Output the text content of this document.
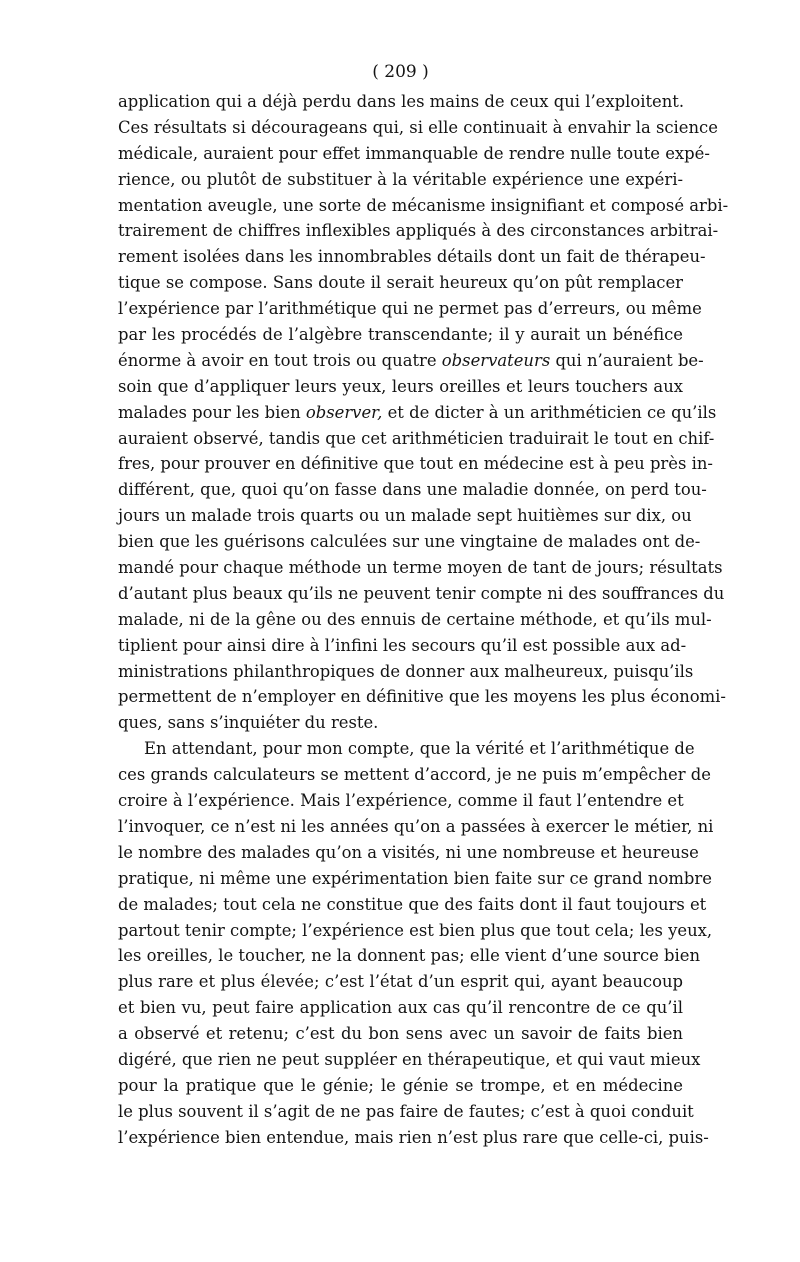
( 209 )
application qui a déjà perdu dans les mains de ceux qui l’exploitent.
Ces résultats si décourageans qui, si elle continuait à envahir la science
médicale, auraient pour effet immanquable de rendre nulle toute expé-
rience, ou plutôt de substituer à la véritable expérience une expéri-
mentation aveugle, une sorte de mécanisme insignifiant et composé arbi-
trairement de chiffres inflexibles appliqués à des circonstances arbitrai-
rement isolées dans les innombrables détails dont un fait de thérapeu-
tique se compose. Sans doute il serait heureux qu’on pût remplacer
l’expérience par l’arithmétique qui ne permet pas d’erreurs, ou même
par les procédés de l’algèbre transcendante; il y aurait un bénéfice
énorme à avoir en tout trois ou quatre observateurs qui n’auraient be-
soin que d’appliquer leurs yeux, leurs oreilles et leurs touchers aux
malades pour les bien observer, et de dicter à un arithméticien ce qu’ils
auraient observé, tandis que cet arithméticien traduirait le tout en chif-
fres, pour prouver en définitive que tout en médecine est à peu près in-
différent, que, quoi qu’on fasse dans une maladie donnée, on perd tou-
jours un malade trois quarts ou un malade sept huitièmes sur dix, ou
bien que les guérisons calculées sur une vingtaine de malades ont de-
mandé pour chaque méthode un terme moyen de tant de jours; résultats
d’autant plus beaux qu’ils ne peuvent tenir compte ni des souffrances du
malade, ni de la gêne ou des ennuis de certaine méthode, et qu’ils mul-
tiplient pour ainsi dire à l’infini les secours qu’il est possible aux ad-
ministrations philanthropiques de donner aux malheureux, puisqu’ils
permettent de n’employer en définitive que les moyens les plus économi-
ques, sans s’inquiéter du reste.
En attendant, pour mon compte, que la vérité et l’arithmétique de
ces grands calculateurs se mettent d’accord, je ne puis m’empêcher de
croire à l’expérience. Mais l’expérience, comme il faut l’entendre et
l’invoquer, ce n’est ni les années qu’on a passées à exercer le métier, ni
le nombre des malades qu’on a visités, ni une nombreuse et heureuse
pratique, ni même une expérimentation bien faite sur ce grand nombre
de malades; tout cela ne constitue que des faits dont il faut toujours et
partout tenir compte; l’expérience est bien plus que tout cela; les yeux,
les oreilles, le toucher, ne la donnent pas; elle vient d’une source bien
plus rare et plus élevée; c’est l’état d’un esprit qui, ayant beaucoup
et bien vu, peut faire application aux cas qu’il rencontre de ce qu’il
a observé et retenu; c’est du bon sens avec un savoir de faits bien
digéré, que rien ne peut suppléer en thérapeutique, et qui vaut mieux
pour la pratique que le génie; le génie se trompe, et en médecine
le plus souvent il s’agit de ne pas faire de fautes; c’est à quoi conduit
l’expérience bien entendue, mais rien n’est plus rare que celle-ci, puis-
